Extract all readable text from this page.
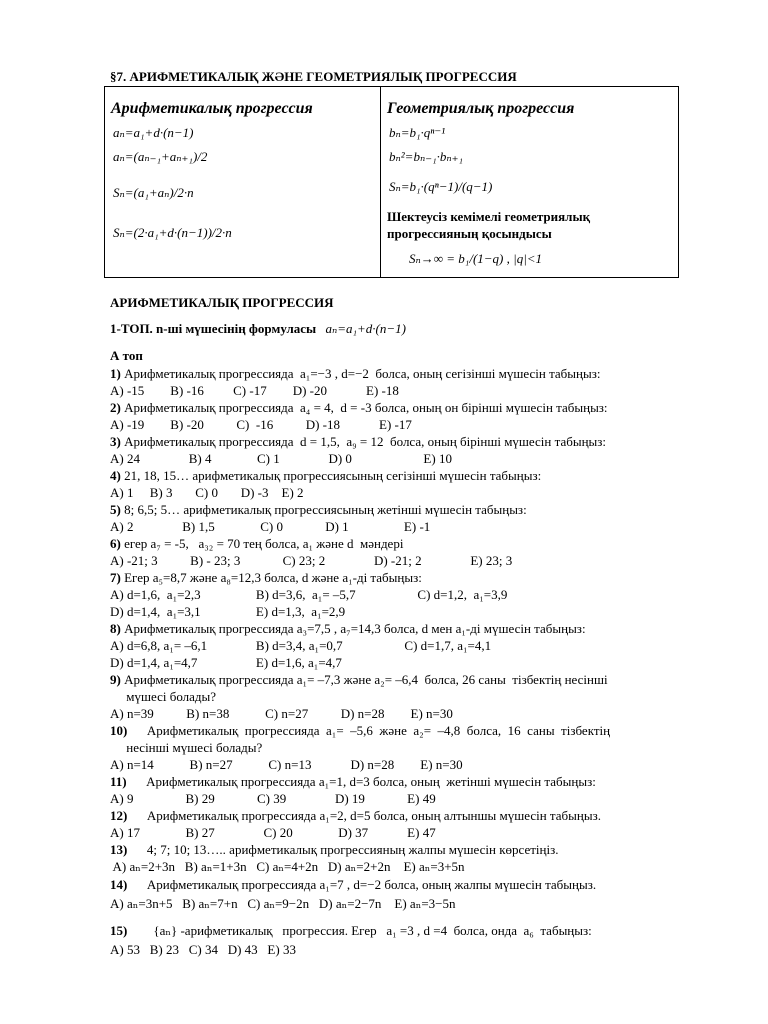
§7. АРИФМЕТИКАЛЫҚ ЖӘНЕ ГЕОМЕТРИЯЛЫҚ ПРОГРЕССИЯ
Арифметикалық прогрессия
aₙ=a₁+d·(n−1)
aₙ=(aₙ₋₁+aₙ₊₁)/2
Sₙ=(a₁+aₙ)/2·n
Sₙ=(2·a₁+d·(n−1))/2·n
Геометриялық прогрессия
bₙ=b₁·qⁿ⁻¹
bₙ²=bₙ₋₁·bₙ₊₁
Sₙ=b₁·(qⁿ−1)/(q−1)
Шектеусіз кемімелі геометриялық
прогрессияның қосындысы
Sₙ→∞ = b₁/(1−q) , |q|<1
АРИФМЕТИКАЛЫҚ ПРОГРЕССИЯ
1-ТОП. n-ші мүшесінің формуласы aₙ=a₁+d·(n−1)
А топ
1) Арифметикалық прогрессияда  a₁=−3 , d=−2  болса, оның сегізінші мүшесін табыңыз:
A) -15        B) -16         C) -17        D) -20            E) -18
2) Арифметикалық прогрессияда  a₄ = 4,  d = -3 болса, оның он бірінші мүшесін табыңыз:
A) -19        B) -20          C)  -16          D) -18            E) -17
3) Арифметикалық прогрессияда  d = 1,5,  a₉ = 12  болса, оның бірінші мүшесін табыңыз:
A) 24               B) 4              C) 1               D) 0                      E) 10
4) 21, 18, 15… арифметикалық прогрессиясының сегізінші мүшесін табыңыз:
A) 1     B) 3       C) 0       D) -3    E) 2
5) 8; 6,5; 5… арифметикалық прогрессиясының жетінші мүшесін табыңыз:
A) 2               B) 1,5              C) 0             D) 1                 E) -1
6) егер a₇ = -5,   a₃₂ = 70 тең болса, a₁ және d  мәндері
A) -21; 3          B) - 23; 3             C) 23; 2               D) -21; 2               E) 23; 3
7) Егер a₅=8,7 және a₈=12,3 болса, d және a₁-ді табыңыз:
A) d=1,6,  a₁=2,3                 B) d=3,6,  a₁= –5,7                   C) d=1,2,  a₁=3,9
D) d=1,4,  a₁=3,1                 E) d=1,3,  a₁=2,9
8) Арифметикалық прогрессияда a₃=7,5 , a₇=14,3 болса, d мен a₁-ді мүшесін табыңыз:
A) d=6,8, a₁= –6,1               B) d=3,4, a₁=0,7                   C) d=1,7, a₁=4,1
D) d=1,4, a₁=4,7                  E) d=1,6, a₁=4,7
9) Арифметикалық прогрессияда a₁= –7,3 және a₂= –6,4  болса, 26 саны  тізбектің несінші
мүшесі болады?
A) n=39          B) n=38           C) n=27          D) n=28        E) n=30
10)      Арифметикалық  прогрессияда  a₁=  –5,6  және  a₂=  –4,8  болса,  16  саны  тізбектің
несінші мүшесі болады?
A) n=14           B) n=27           C) n=13            D) n=28        E) n=30
11)      Арифметикалық прогрессияда a₁=1, d=3 болса, оның  жетінші мүшесін табыңыз:
A) 9                B) 29             C) 39               D) 19             E) 49
12)      Арифметикалық прогрессияда a₁=2, d=5 болса, оның алтыншы мүшесін табыңыз.
A) 17              B) 27               C) 20              D) 37            E) 47
13)      4; 7; 10; 13….. арифметикалық прогрессияның жалпы мүшесін көрсетіңіз.
A) aₙ=2+3n   B) aₙ=1+3n   C) aₙ=4+2n   D) aₙ=2+2n    E) aₙ=3+5n
14)      Арифметикалық прогрессияда a₁=7 , d=−2 болса, оның жалпы мүшесін табыңыз.
A) aₙ=3n+5   B) aₙ=7+n   C) aₙ=9−2n   D) aₙ=2−7n    E) aₙ=3−5n
15)        {aₙ} -арифметикалық   прогрессия. Егер   a₁ =3 , d =4  болса, онда  a₆  табыңыз:
A) 53   B) 23   C) 34   D) 43   E) 33
